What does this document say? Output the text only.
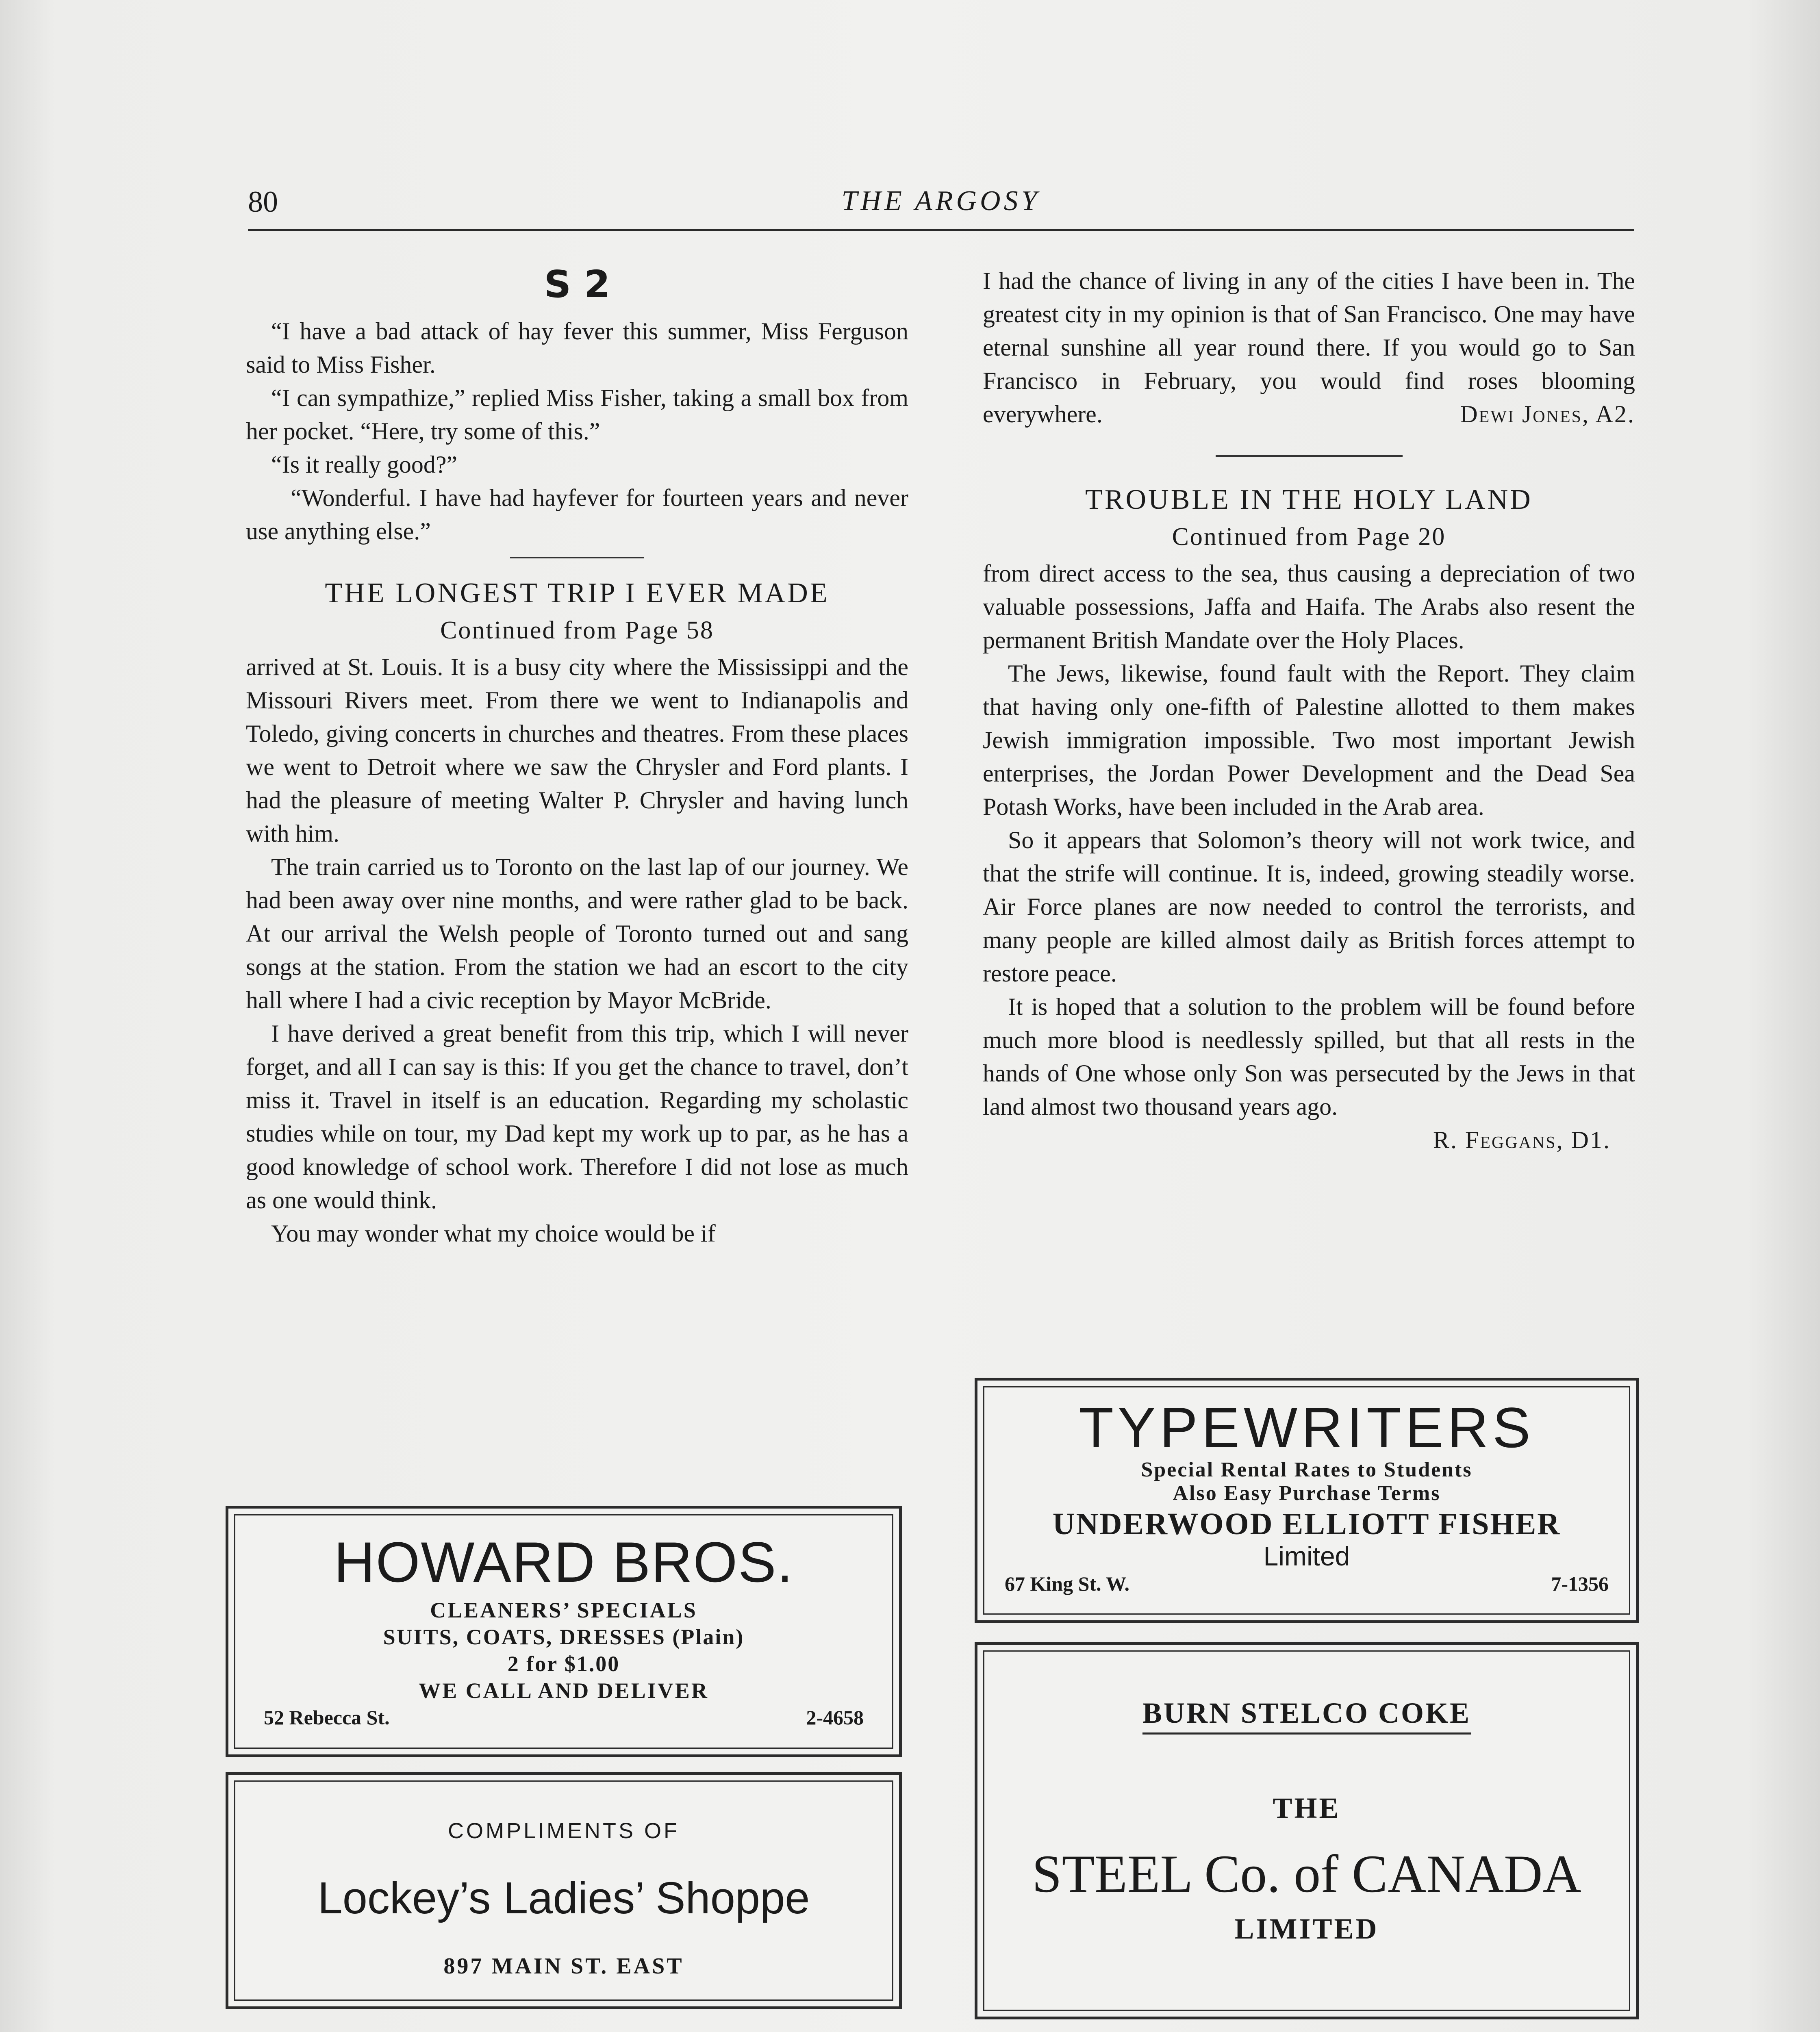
80	THE ARGOSY
S 2

“I have a bad attack of hay fever this summer, Miss Ferguson said to Miss Fisher.

“I can sympathize,” replied Miss Fisher, taking a small box from her pocket. “Here, try some of this.”

“Is it really good?”

“Wonderful. I have had hayfever for fourteen years and never use anything else.”

THE LONGEST TRIP I EVER MADE
Continued from Page 58

arrived at St. Louis. It is a busy city where the Mississippi and the Missouri Rivers meet. From there we went to Indianapolis and Toledo, giving concerts in churches and theatres. From these places we went to Detroit where we saw the Chrysler and Ford plants. I had the pleasure of meeting Walter P. Chrysler and having lunch with him.

The train carried us to Toronto on the last lap of our journey. We had been away over nine months, and were rather glad to be back. At our arrival the Welsh people of Toronto turned out and sang songs at the station. From the station we had an escort to the city hall where I had a civic reception by Mayor McBride.

I have derived a great benefit from this trip, which I will never forget, and all I can say is this: If you get the chance to travel, don’t miss it. Travel in itself is an education. Regarding my scholastic studies while on tour, my Dad kept my work up to par, as he has a good knowledge of school work. Therefore I did not lose as much as one would think.

You may wonder what my choice would be if

I had the chance of living in any of the cities I have been in. The greatest city in my opinion is that of San Francisco. One may have eternal sunshine all year round there. If you would go to San Francisco in February, you would find roses blooming everywhere.	Dewi Jones, A2.

TROUBLE IN THE HOLY LAND
Continued from Page 20

from direct access to the sea, thus causing a depreciation of two valuable possessions, Jaffa and Haifa. The Arabs also resent the permanent British Mandate over the Holy Places.

The Jews, likewise, found fault with the Report. They claim that having only one-fifth of Palestine allotted to them makes Jewish immigration impossible. Two most important Jewish enterprises, the Jordan Power Development and the Dead Sea Potash Works, have been included in the Arab area.

So it appears that Solomon’s theory will not work twice, and that the strife will continue. It is, indeed, growing steadily worse. Air Force planes are now needed to control the terrorists, and many people are killed almost daily as British forces attempt to restore peace.

It is hoped that a solution to the problem will be found before much more blood is needlessly spilled, but that all rests in the hands of One whose only Son was persecuted by the Jews in that land almost two thousand years ago.

R. Feggans, D1.
HOWARD BROS.
CLEANERS’ SPECIALS
SUITS, COATS, DRESSES (Plain)
2 for $1.00
WE CALL AND DELIVER
52 Rebecca St.	2-4658
COMPLIMENTS OF
Lockey’s Ladies’ Shoppe
897 MAIN ST. EAST
TYPEWRITERS
Special Rental Rates to Students
Also Easy Purchase Terms
UNDERWOOD ELLIOTT FISHER
Limited
67 King St. W.	7-1356
BURN STELCO COKE
THE
STEEL Co. of CANADA
LIMITED
